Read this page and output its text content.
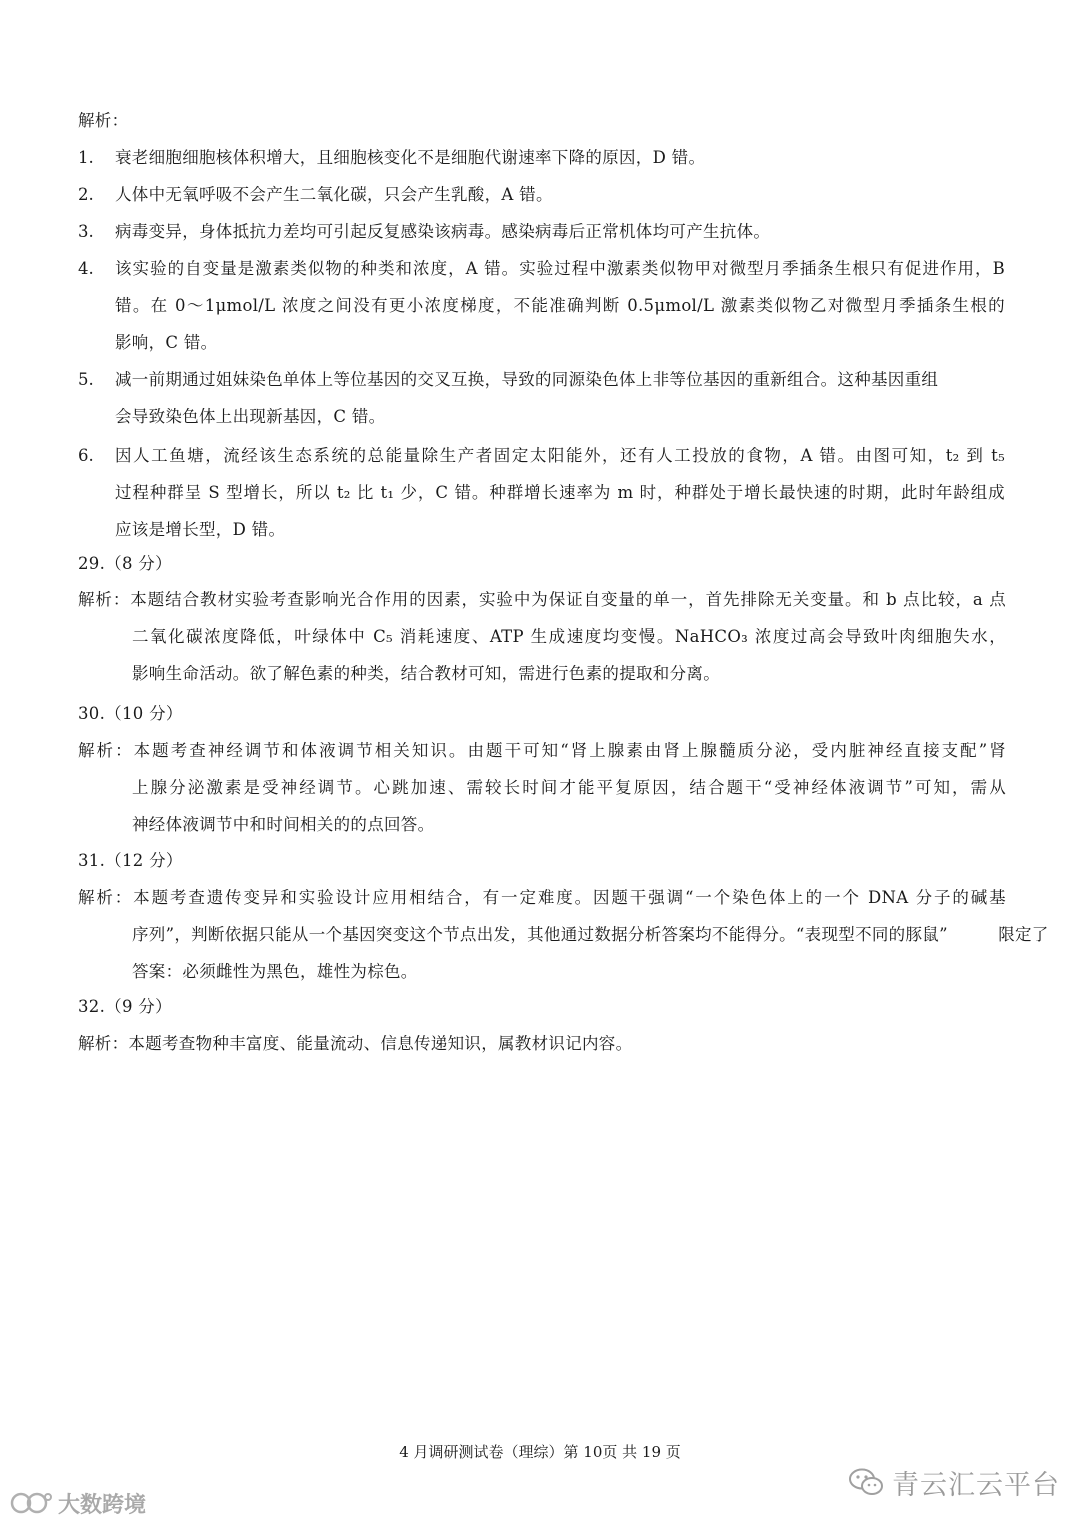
解析：
1. 衰老细胞细胞核体积增大，且细胞核变化不是细胞代谢速率下降的原因，D 错。
2. 人体中无氧呼吸不会产生二氧化碳，只会产生乳酸，A 错。
3. 病毒变异，身体抵抗力差均可引起反复感染该病毒。感染病毒后正常机体均可产生抗体。
4. 该实验的自变量是激素类似物的种类和浓度，A 错。实验过程中激素类似物甲对微型月季插条生根只有促进作用，B
错。在 0～1μmol/L 浓度之间没有更小浓度梯度，不能准确判断 0.5μmol/L 激素类似物乙对微型月季插条生根的
影响，C 错。
5. 减一前期通过姐妹染色单体上等位基因的交叉互换，导致的同源染色体上非等位基因的重新组合。这种基因重组
会导致染色体上出现新基因，C 错。
6. 因人工鱼塘，流经该生态系统的总能量除生产者固定太阳能外，还有人工投放的食物，A 错。由图可知，t₂ 到 t₅
过程种群呈 S 型增长，所以 t₂ 比 t₁ 少，C 错。种群增长速率为 m 时，种群处于增长最快速的时期，此时年龄组成
应该是增长型，D 错。
29.（8 分）
解析：本题结合教材实验考查影响光合作用的因素，实验中为保证自变量的单一，首先排除无关变量。和 b 点比较，a 点
二氧化碳浓度降低，叶绿体中 C₅ 消耗速度、ATP 生成速度均变慢。NaHCO₃ 浓度过高会导致叶肉细胞失水，
影响生命活动。欲了解色素的种类，结合教材可知，需进行色素的提取和分离。
30.（10 分）
解析：本题考查神经调节和体液调节相关知识。由题干可知“肾上腺素由肾上腺髓质分泌，受内脏神经直接支配”肾
上腺分泌激素是受神经调节。心跳加速、需较长时间才能平复原因，结合题干“受神经体液调节”可知，需从
神经体液调节中和时间相关的的点回答。
31.（12 分）
解析：本题考查遗传变异和实验设计应用相结合，有一定难度。因题干强调“一个染色体上的一个 DNA 分子的碱基
序列”，判断依据只能从一个基因突变这个节点出发，其他通过数据分析答案均不能得分。“表现型不同的豚鼠”　　　限定了
答案：必须雌性为黑色，雄性为棕色。
32.（9 分）
解析：本题考查物种丰富度、能量流动、信息传递知识，属教材识记内容。
4 月调研测试卷（理综）第 10页 共 19 页
青云汇云平台
大数跨境
